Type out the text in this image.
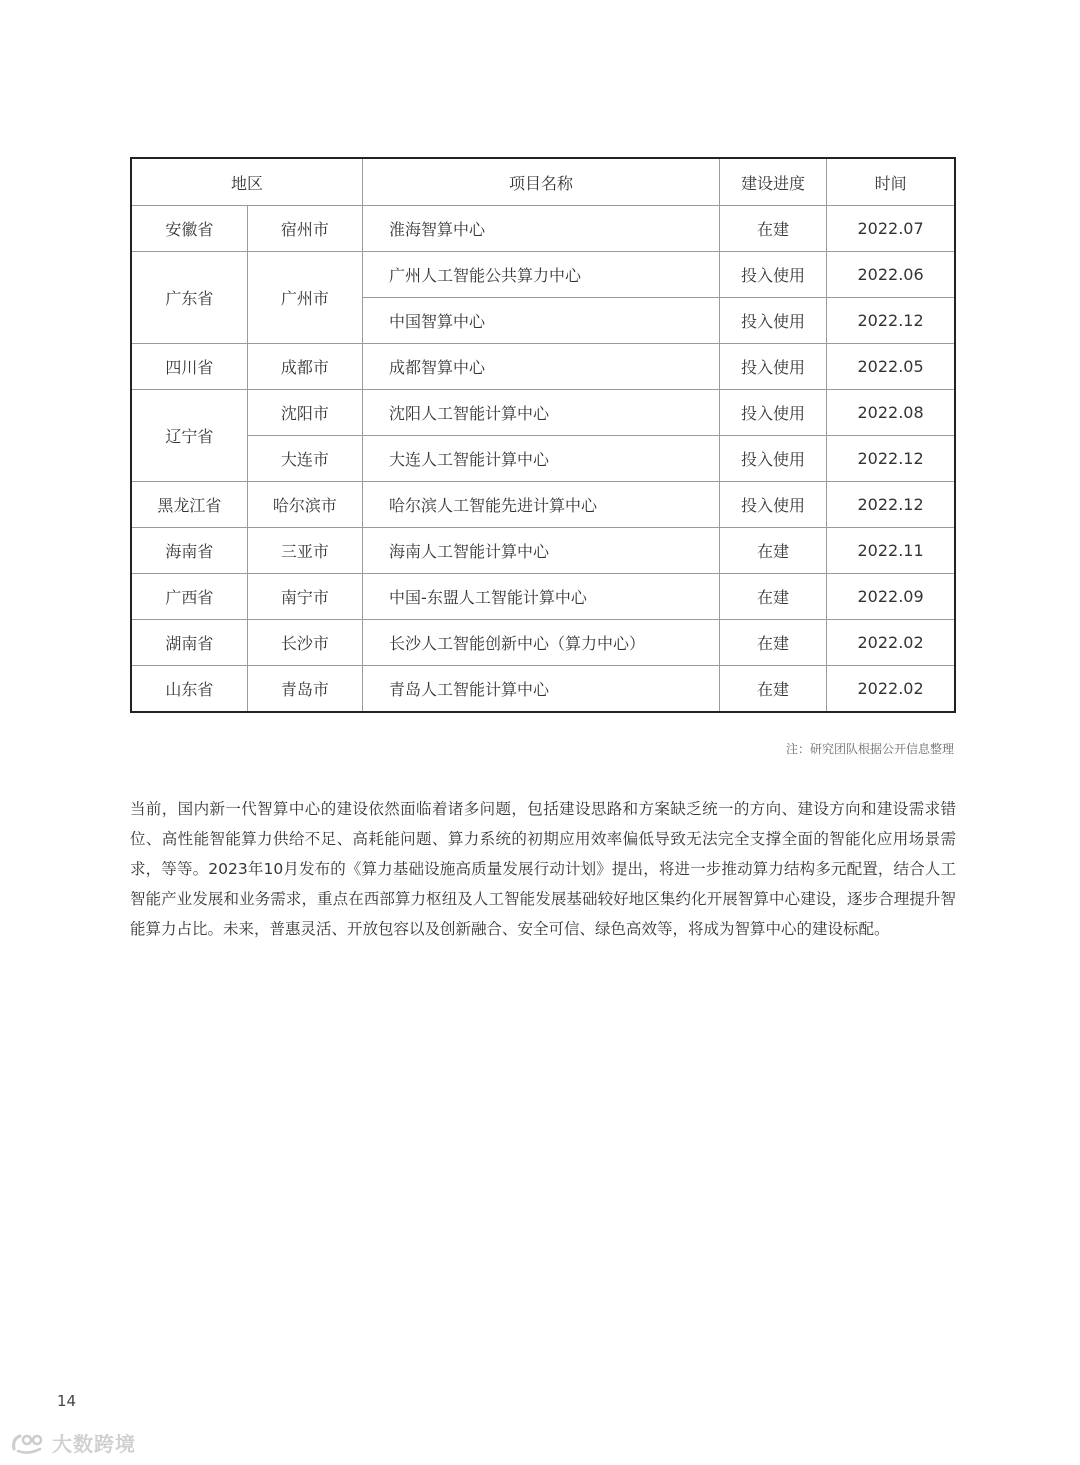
地区		项目名称	建设进度	时间
安徽省	宿州市	淮海智算中心	在建	2022.07
广东省	广州市	广州人工智能公共算力中心	投入使用	2022.06
		中国智算中心	投入使用	2022.12
四川省	成都市	成都智算中心	投入使用	2022.05
辽宁省	沈阳市	沈阳人工智能计算中心	投入使用	2022.08
	大连市	大连人工智能计算中心	投入使用	2022.12
黑龙江省	哈尔滨市	哈尔滨人工智能先进计算中心	投入使用	2022.12
海南省	三亚市	海南人工智能计算中心	在建	2022.11
广西省	南宁市	中国-东盟人工智能计算中心	在建	2022.09
湖南省	长沙市	长沙人工智能创新中心（算力中心）	在建	2022.02
山东省	青岛市	青岛人工智能计算中心	在建	2022.02
注：研究团队根据公开信息整理

当前，国内新一代智算中心的建设依然面临着诸多问题，包括建设思路和方案缺乏统一的方向、建设方向和建设需求错位、高性能智能算力供给不足、高耗能问题、算力系统的初期应用效率偏低导致无法完全支撑全面的智能化应用场景需求，等等。2023年10月发布的《算力基础设施高质量发展行动计划》提出，将进一步推动算力结构多元配置，结合人工智能产业发展和业务需求，重点在西部算力枢纽及人工智能发展基础较好地区集约化开展智算中心建设，逐步合理提升智能算力占比。未来，普惠灵活、开放包容以及创新融合、安全可信、绿色高效等，将成为智算中心的建设标配。

14
大数跨境
